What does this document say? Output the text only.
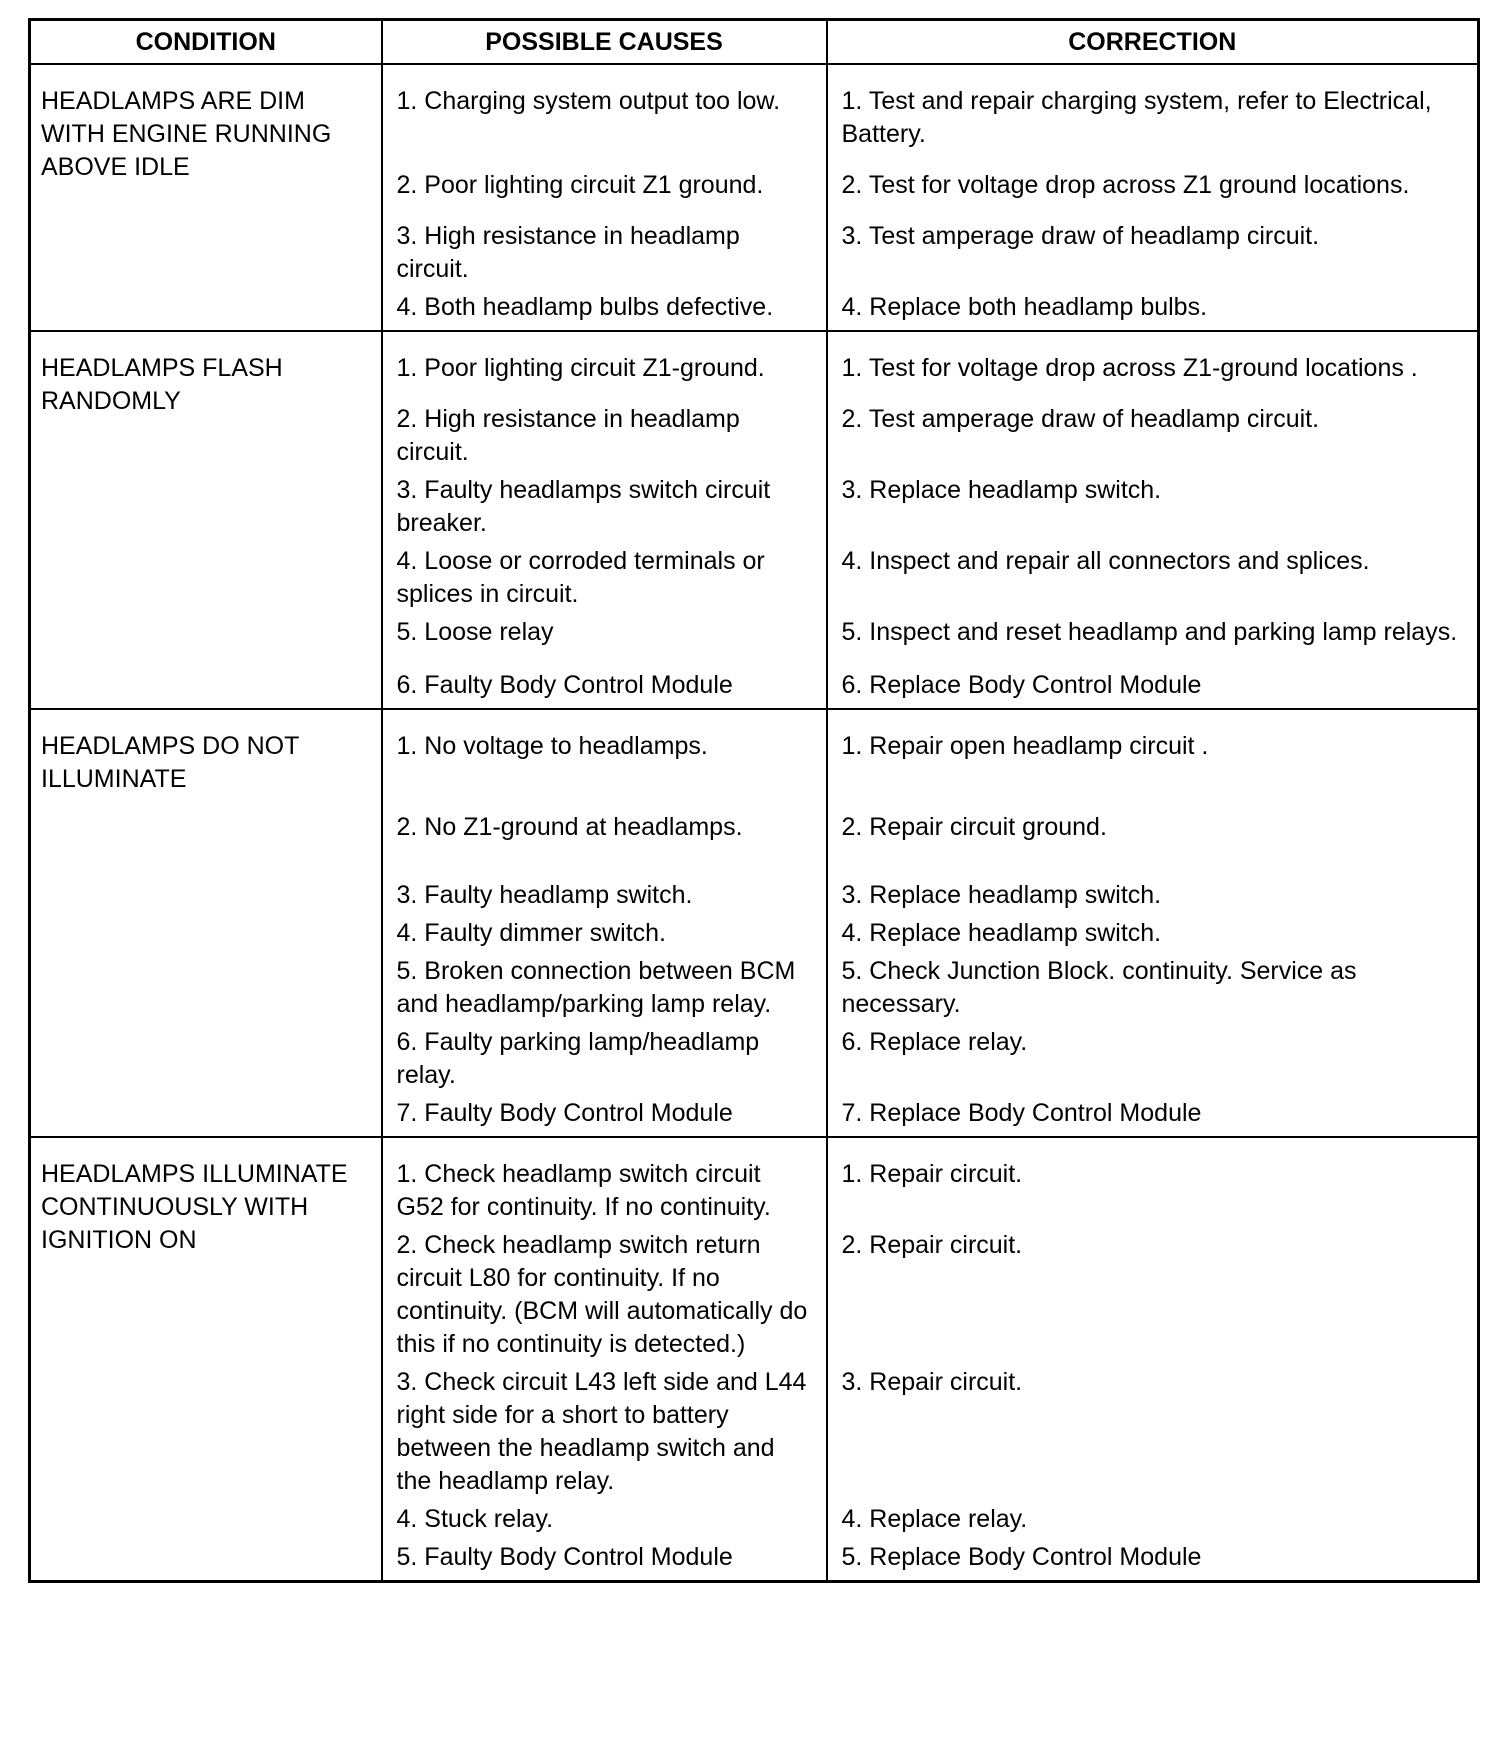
CONDITION	POSSIBLE CAUSES	CORRECTION
HEADLAMPS ARE DIM WITH ENGINE RUNNING ABOVE IDLE	1. Charging system output too low.	1. Test and repair charging system, refer to Electrical, Battery.
	2. Poor lighting circuit Z1 ground.	2. Test for voltage drop across Z1 ground locations.
	3. High resistance in headlamp circuit.	3. Test amperage draw of headlamp circuit.
	4. Both headlamp bulbs defective.	4. Replace both headlamp bulbs.
HEADLAMPS FLASH RANDOMLY	1. Poor lighting circuit Z1-ground.	1. Test for voltage drop across Z1-ground locations .
	2. High resistance in headlamp circuit.	2. Test amperage draw of headlamp circuit.
	3. Faulty headlamps switch circuit breaker.	3. Replace headlamp switch.
	4. Loose or corroded terminals or splices in circuit.	4. Inspect and repair all connectors and splices.
	5. Loose relay	5. Inspect and reset headlamp and parking lamp relays.
	6. Faulty Body Control Module	6. Replace Body Control Module
HEADLAMPS DO NOT ILLUMINATE	1. No voltage to headlamps.	1. Repair open headlamp circuit .
	2. No Z1-ground at headlamps.	2. Repair circuit ground.
	3. Faulty headlamp switch.	3. Replace headlamp switch.
	4. Faulty dimmer switch.	4. Replace headlamp switch.
	5. Broken connection between BCM and headlamp/parking lamp relay.	5. Check Junction Block. continuity. Service as necessary.
	6. Faulty parking lamp/headlamp relay.	6. Replace relay.
	7. Faulty Body Control Module	7. Replace Body Control Module
HEADLAMPS ILLUMINATE CONTINUOUSLY WITH IGNITION ON	1. Check headlamp switch circuit G52 for continuity. If no continuity.	1. Repair circuit.
	2. Check headlamp switch return circuit L80 for continuity. If no continuity. (BCM will automatically do this if no continuity is detected.)	2. Repair circuit.
	3. Check circuit L43 left side and L44 right side for a short to battery between the headlamp switch and the headlamp relay.	3. Repair circuit.
	4. Stuck relay.	4. Replace relay.
	5. Faulty Body Control Module	5. Replace Body Control Module
